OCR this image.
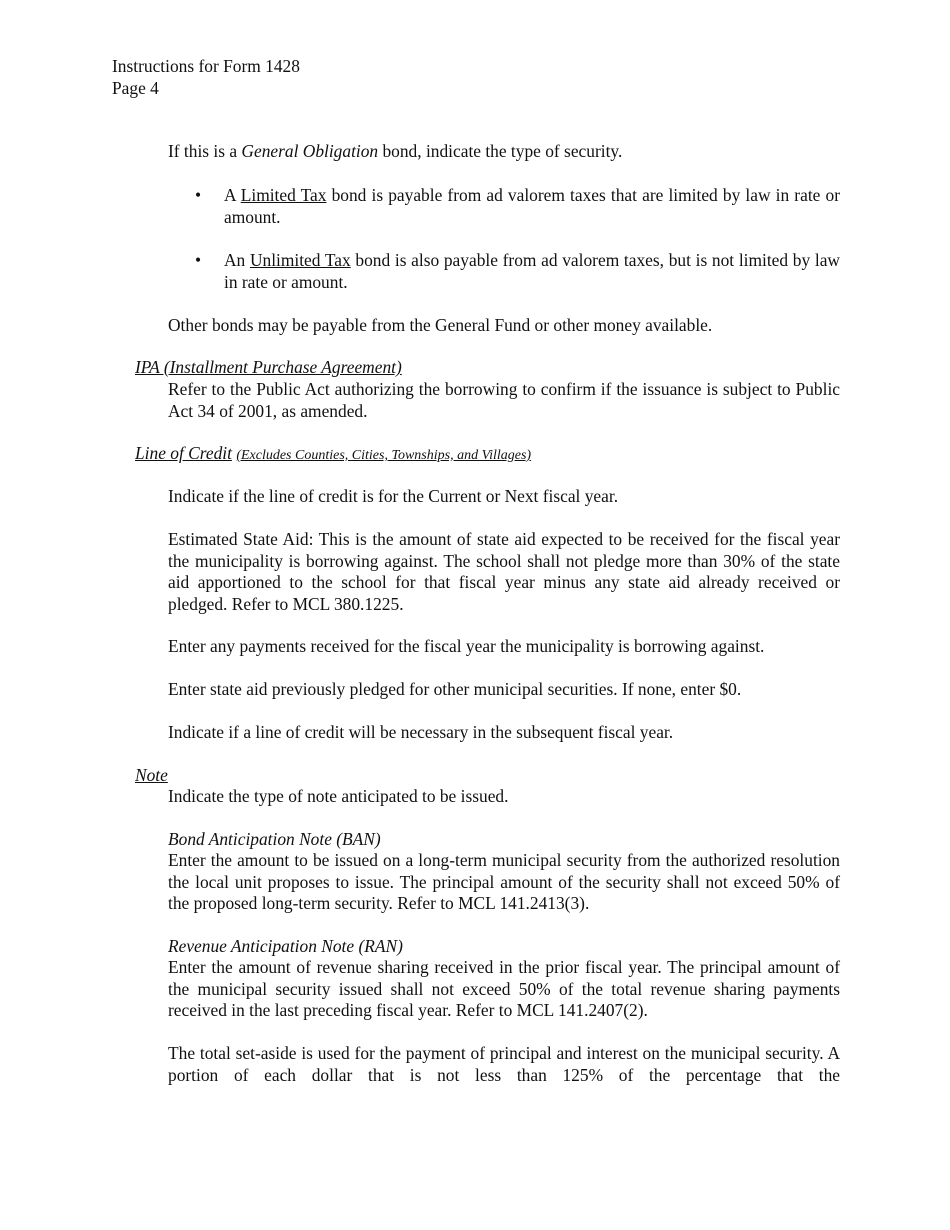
Instructions for Form 1428
Page 4
If this is a General Obligation bond, indicate the type of security.
• A Limited Tax bond is payable from ad valorem taxes that are limited by law in rate or amount.
• An Unlimited Tax bond is also payable from ad valorem taxes, but is not limited by law in rate or amount.
Other bonds may be payable from the General Fund or other money available.
IPA (Installment Purchase Agreement)
Refer to the Public Act authorizing the borrowing to confirm if the issuance is subject to Public Act 34 of 2001, as amended.
Line of Credit (Excludes Counties, Cities, Townships, and Villages)
Indicate if the line of credit is for the Current or Next fiscal year.
Estimated State Aid: This is the amount of state aid expected to be received for the fiscal year the municipality is borrowing against. The school shall not pledge more than 30% of the state aid apportioned to the school for that fiscal year minus any state aid already received or pledged. Refer to MCL 380.1225.
Enter any payments received for the fiscal year the municipality is borrowing against.
Enter state aid previously pledged for other municipal securities. If none, enter $0.
Indicate if a line of credit will be necessary in the subsequent fiscal year.
Note
Indicate the type of note anticipated to be issued.
Bond Anticipation Note (BAN)
Enter the amount to be issued on a long-term municipal security from the authorized resolution the local unit proposes to issue. The principal amount of the security shall not exceed 50% of the proposed long-term security. Refer to MCL 141.2413(3).
Revenue Anticipation Note (RAN)
Enter the amount of revenue sharing received in the prior fiscal year. The principal amount of the municipal security issued shall not exceed 50% of the total revenue sharing payments received in the last preceding fiscal year. Refer to MCL 141.2407(2).
The total set-aside is used for the payment of principal and interest on the municipal security. A portion of each dollar that is not less than 125% of the percentage that the
